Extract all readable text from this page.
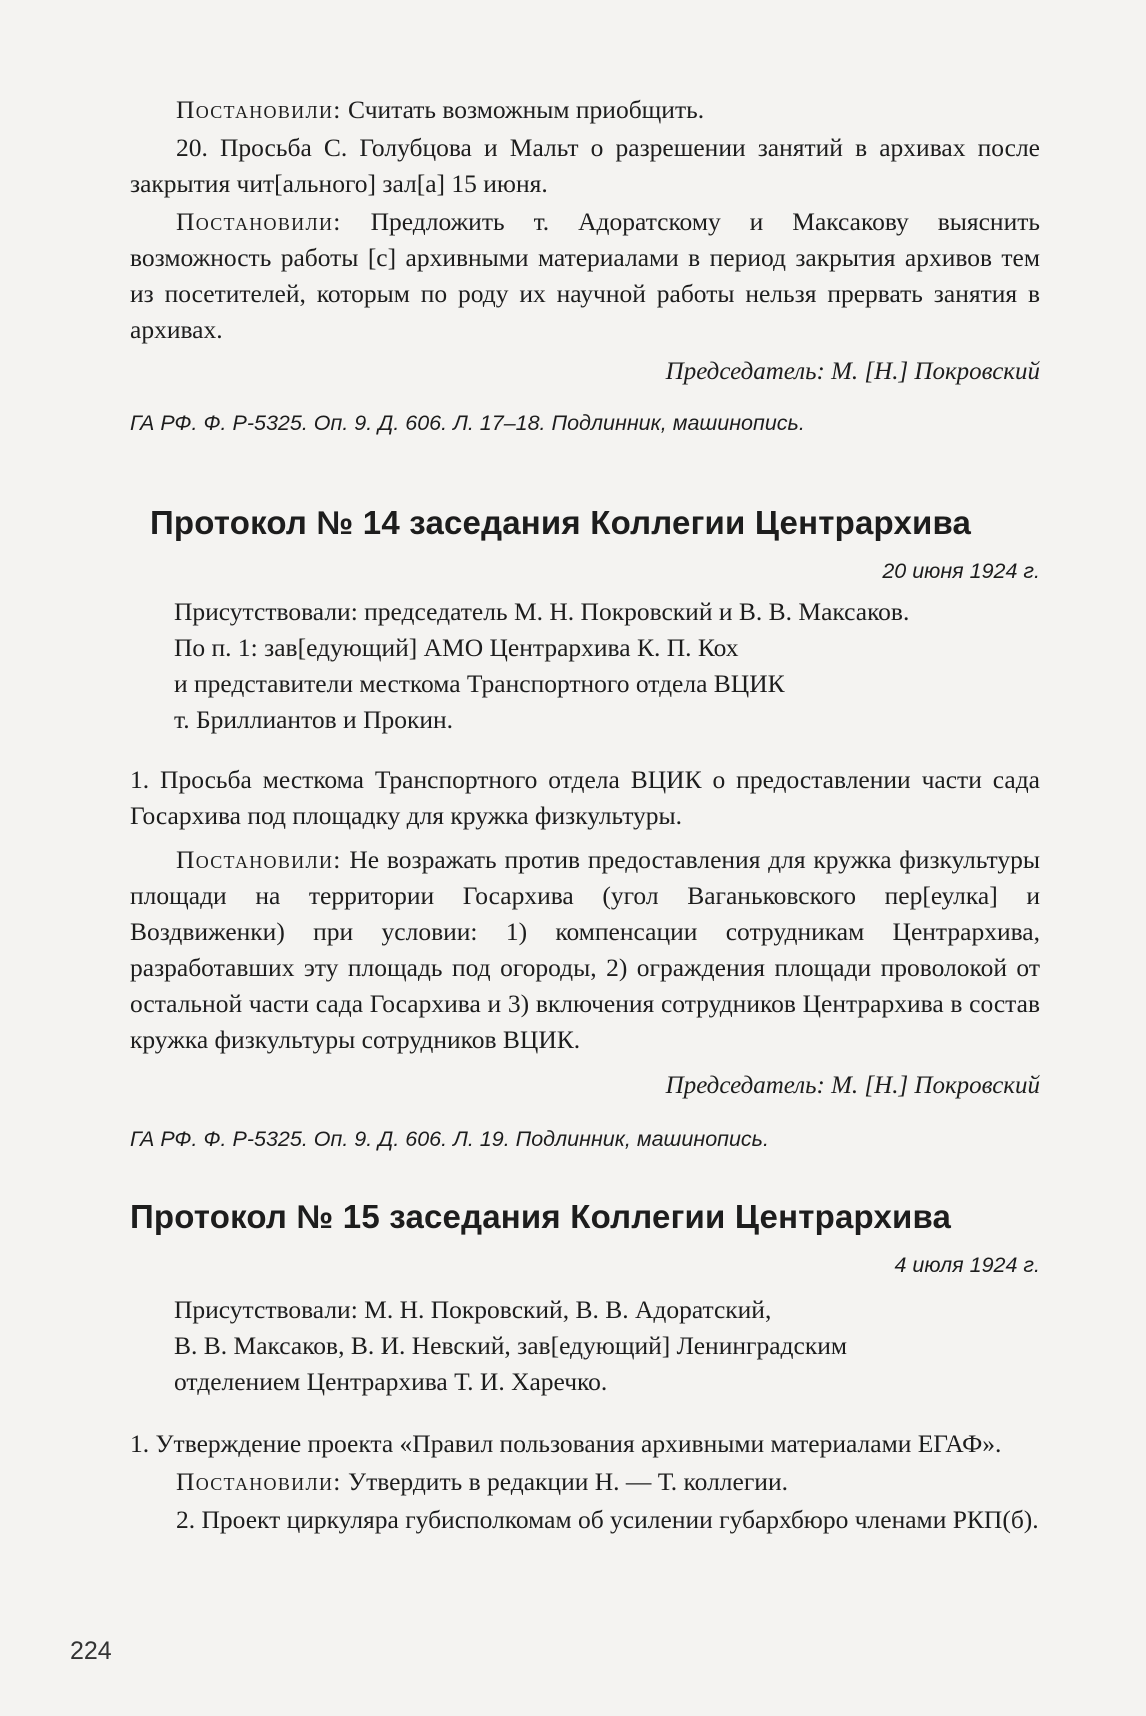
Постановили: Считать возможным приобщить.

20. Просьба С. Голубцова и Мальт о разрешении занятий в архивах после закрытия чит[ального] зал[а] 15 июня.

Постановили: Предложить т. Адоратскому и Максакову выяснить возможность работы [с] архивными материалами в период закрытия архивов тем из посетителей, которым по роду их научной работы нельзя прервать занятия в архивах.

Председатель: М. [Н.] Покровский

ГА РФ. Ф. Р-5325. Оп. 9. Д. 606. Л. 17–18. Подлинник, машинопись.

Протокол № 14 заседания Коллегии Центрархива

20 июня 1924 г.

Присутствовали: председатель М. Н. Покровский и В. В. Максаков.

По п. 1: зав[едующий] АМО Центрархива К. П. Кох

и представители месткома Транспортного отдела ВЦИК

т. Бриллиантов и Прокин.

1. Просьба месткома Транспортного отдела ВЦИК о предоставлении части сада Госархива под площадку для кружка физкультуры.

Постановили: Не возражать против предоставления для кружка физкультуры площади на территории Госархива (угол Ваганьковского пер[еулка] и Воздвиженки) при условии: 1) компенсации сотрудникам Центрархива, разработавших эту площадь под огороды, 2) ограждения площади проволокой от остальной части сада Госархива и 3) включения сотрудников Центрархива в состав кружка физкультуры сотрудников ВЦИК.

Председатель: М. [Н.] Покровский

ГА РФ. Ф. Р-5325. Оп. 9. Д. 606. Л. 19. Подлинник, машинопись.

Протокол № 15 заседания Коллегии Центрархива

4 июля 1924 г.

Присутствовали: М. Н. Покровский, В. В. Адоратский,

В. В. Максаков, В. И. Невский, зав[едующий] Ленинградским

отделением Центрархива Т. И. Харечко.

1. Утверждение проекта «Правил пользования архивными материалами ЕГАФ».

Постановили: Утвердить в редакции Н. — Т. коллегии.

2. Проект циркуляра губисполкомам об усилении губархбюро членами РКП(б).

224
